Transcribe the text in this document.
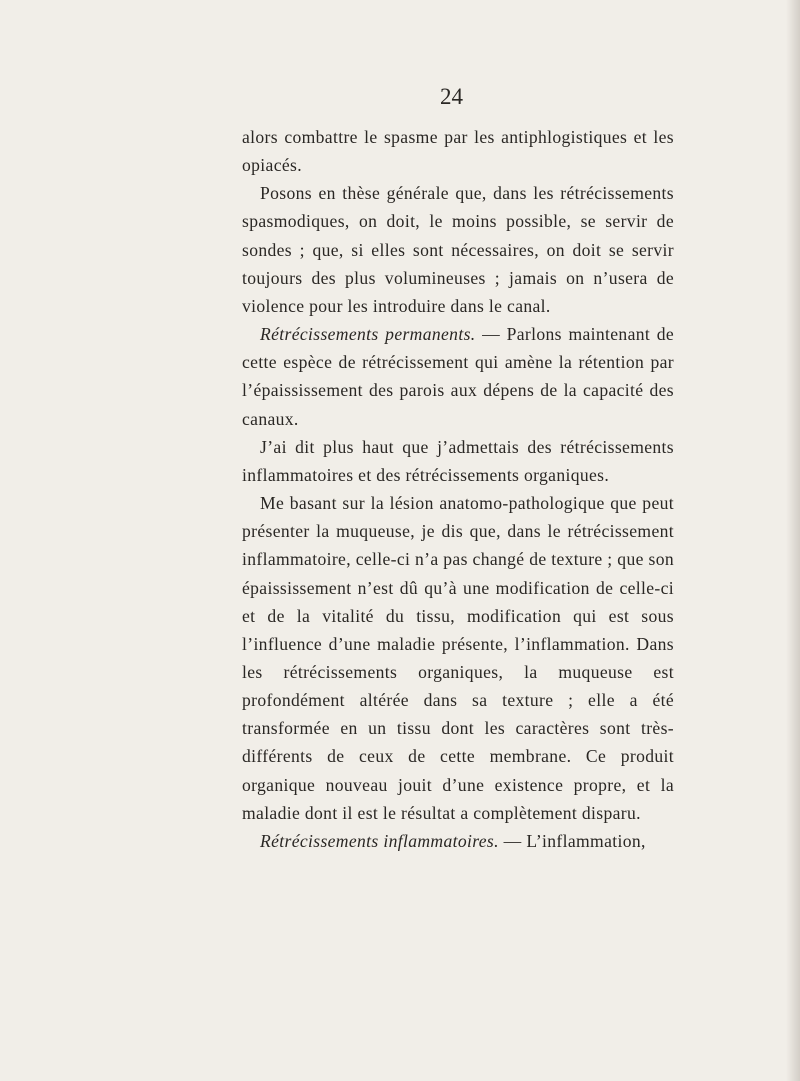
24

alors combattre le spasme par les antiphlogistiques et les opiacés.

Posons en thèse générale que, dans les rétrécissements spasmodiques, on doit, le moins possible, se servir de sondes ; que, si elles sont nécessaires, on doit se servir toujours des plus volumineuses ; jamais on n’usera de violence pour les introduire dans le canal.

Rétrécissements permanents. — Parlons maintenant de cette espèce de rétrécissement qui amène la rétention par l’épaississement des parois aux dépens de la capacité des canaux.

J’ai dit plus haut que j’admettais des rétrécissements inflammatoires et des rétrécissements organiques.

Me basant sur la lésion anatomo-pathologique que peut présenter la muqueuse, je dis que, dans le rétrécissement inflammatoire, celle-ci n’a pas changé de texture ; que son épaississement n’est dû qu’à une modification de celle-ci et de la vitalité du tissu, modification qui est sous l’influence d’une maladie présente, l’inflammation. Dans les rétrécissements organiques, la muqueuse est profondément altérée dans sa texture ; elle a été transformée en un tissu dont les caractères sont très-différents de ceux de cette membrane. Ce produit organique nouveau jouit d’une existence propre, et la maladie dont il est le résultat a complètement disparu.

Rétrécissements inflammatoires. — L’inflammation,
